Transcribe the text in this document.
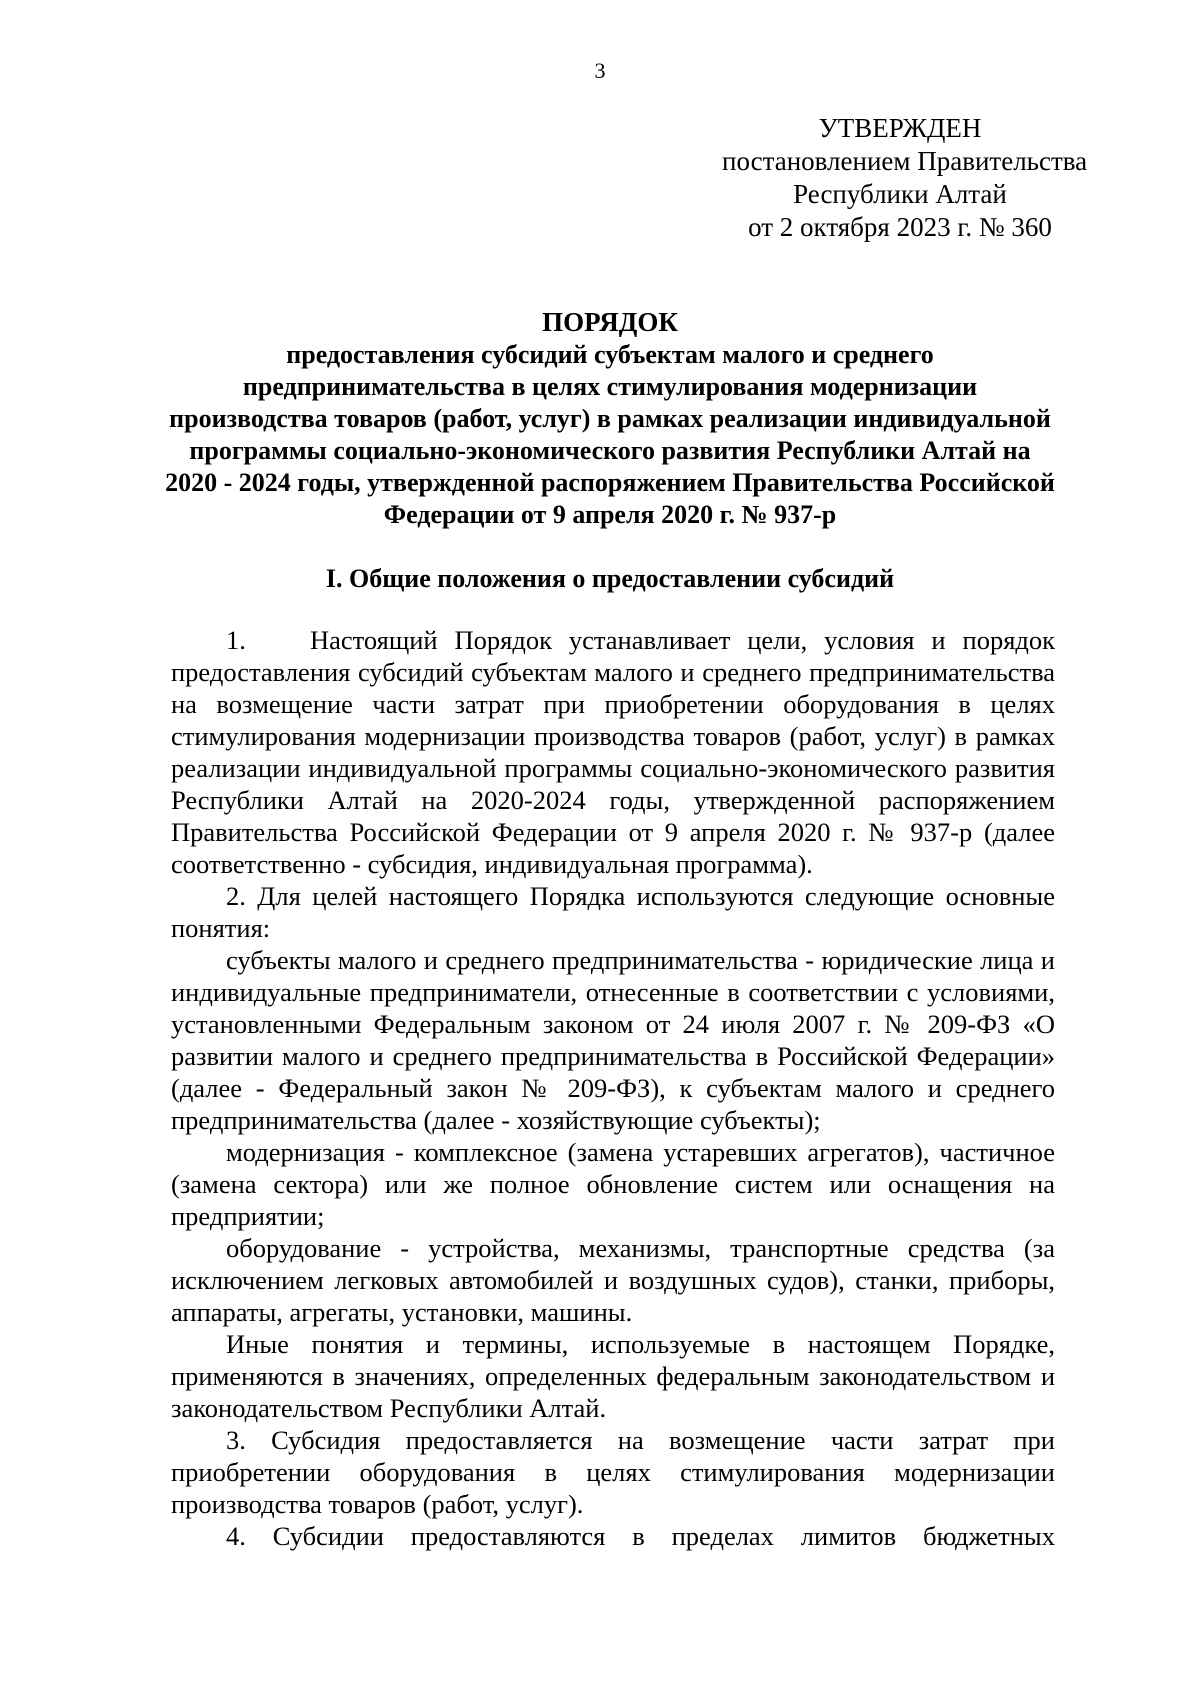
3
УТВЕРЖДЕН
постановлением Правительства
Республики Алтай
от 2 октября 2023 г. № 360
ПОРЯДОК
предоставления субсидий субъектам малого и среднего
предпринимательства в целях стимулирования модернизации
производства товаров (работ, услуг) в рамках реализации индивидуальной
программы социально-экономического развития Республики Алтай на
2020 - 2024 годы, утвержденной распоряжением Правительства Российской
Федерации от 9 апреля 2020 г. № 937-р
I. Общие положения о предоставлении субсидий

1. Настоящий Порядок устанавливает цели, условия и порядок предоставления субсидий субъектам малого и среднего предпринимательства на возмещение части затрат при приобретении оборудования в целях стимулирования модернизации производства товаров (работ, услуг) в рамках реализации индивидуальной программы социально-экономического развития Республики Алтай на 2020-2024 годы, утвержденной распоряжением Правительства Российской Федерации от 9 апреля 2020 г. № 937-р (далее соответственно - субсидия, индивидуальная программа).

2. Для целей настоящего Порядка используются следующие основные понятия:

субъекты малого и среднего предпринимательства - юридические лица и индивидуальные предприниматели, отнесенные в соответствии с условиями, установленными Федеральным законом от 24 июля 2007 г. № 209-ФЗ «О развитии малого и среднего предпринимательства в Российской Федерации» (далее - Федеральный закон № 209-ФЗ), к субъектам малого и среднего предпринимательства (далее - хозяйствующие субъекты);

модернизация - комплексное (замена устаревших агрегатов), частичное (замена сектора) или же полное обновление систем или оснащения на предприятии;

оборудование - устройства, механизмы, транспортные средства (за исключением легковых автомобилей и воздушных судов), станки, приборы, аппараты, агрегаты, установки, машины.

Иные понятия и термины, используемые в настоящем Порядке, применяются в значениях, определенных федеральным законодательством и законодательством Республики Алтай.

3. Субсидия предоставляется на возмещение части затрат при приобретении оборудования в целях стимулирования модернизации производства товаров (работ, услуг).

4. Субсидии предоставляются в пределах лимитов бюджетных
